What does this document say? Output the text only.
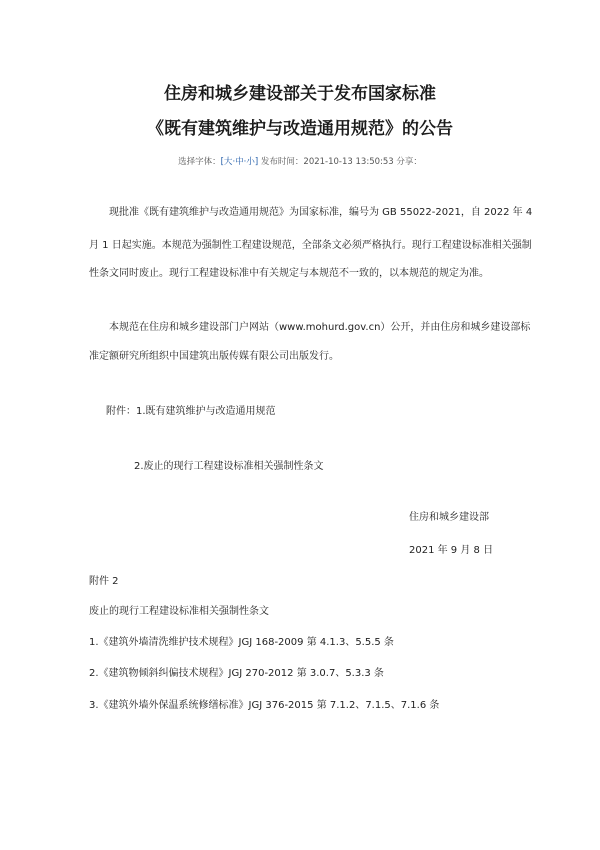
住房和城乡建设部关于发布国家标准
《既有建筑维护与改造通用规范》的公告
选择字体：[大·中·小] 发布时间：2021-10-13 13:50:53 分享：
现批准《既有建筑维护与改造通用规范》为国家标准，编号为 GB 55022-2021，自 2022 年 4
月 1 日起实施。本规范为强制性工程建设规范，全部条文必须严格执行。现行工程建设标准相关强制
性条文同时废止。现行工程建设标准中有关规定与本规范不一致的，以本规范的规定为准。
本规范在住房和城乡建设部门户网站（www.mohurd.gov.cn）公开，并由住房和城乡建设部标
准定额研究所组织中国建筑出版传媒有限公司出版发行。
附件：1.既有建筑维护与改造通用规范
2.废止的现行工程建设标准相关强制性条文
住房和城乡建设部
2021 年 9 月 8 日
附件 2
废止的现行工程建设标准相关强制性条文
1.《建筑外墙清洗维护技术规程》JGJ 168-2009 第 4.1.3、5.5.5 条
2.《建筑物倾斜纠偏技术规程》JGJ 270-2012 第 3.0.7、5.3.3 条
3.《建筑外墙外保温系统修缮标准》JGJ 376-2015 第 7.1.2、7.1.5、7.1.6 条
